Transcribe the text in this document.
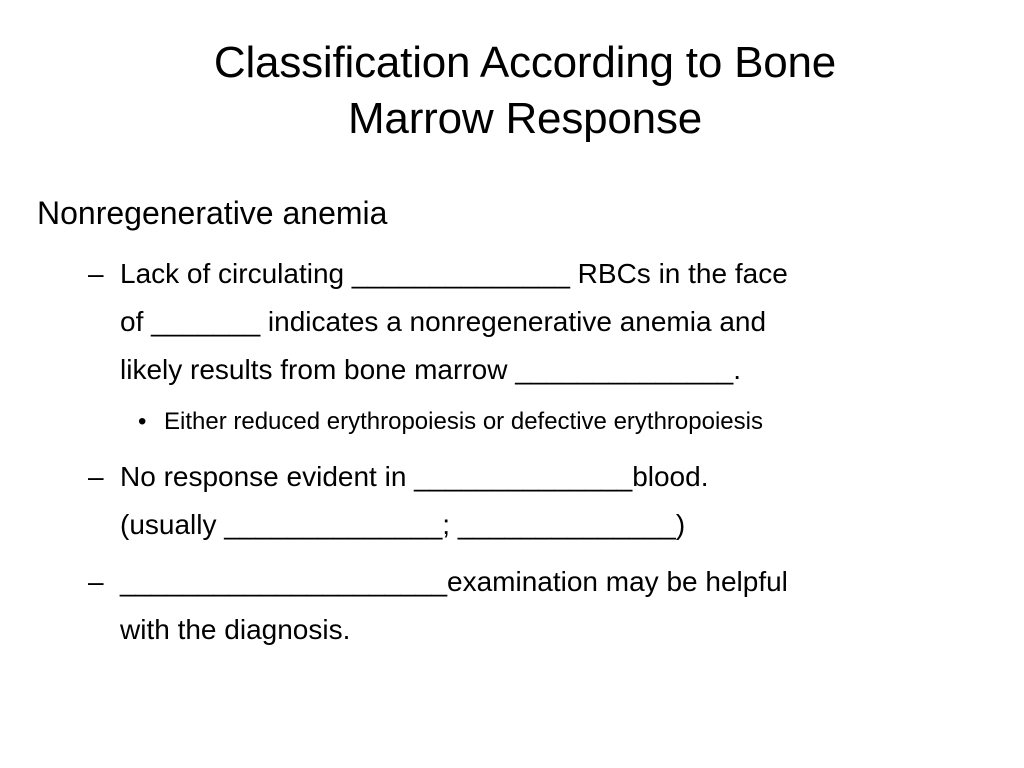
Classification According to Bone
Marrow Response
Nonregenerative anemia
– Lack of circulating ______________ RBCs in the face
of _______ indicates a nonregenerative anemia and
likely results from bone marrow ______________.
• Either reduced erythropoiesis or defective erythropoiesis
– No response evident in ______________blood.
(usually ______________; ______________)
– _____________________examination may be helpful
with the diagnosis.
